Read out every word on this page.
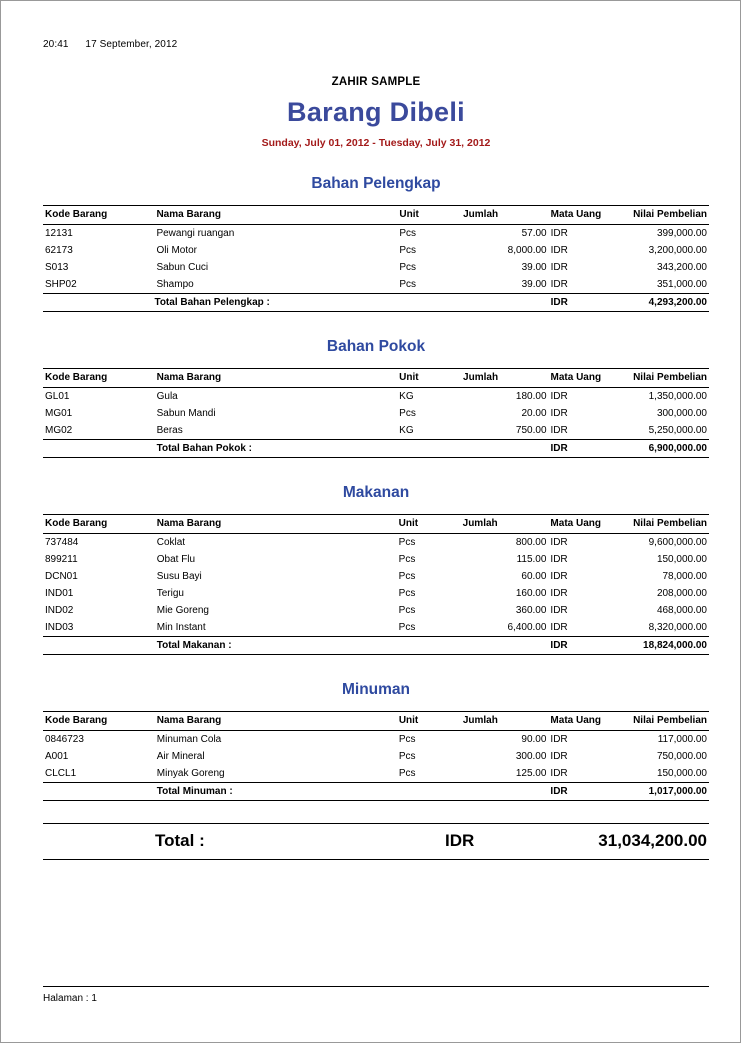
20:41 17 September, 2012
ZAHIR SAMPLE
Barang Dibeli
Sunday, July 01, 2012 - Tuesday, July 31, 2012
Bahan Pelengkap
Kode Barang	Nama Barang	Unit	Jumlah	Mata Uang	Nilai Pembelian
12131	Pewangi ruangan	Pcs	57.00	IDR	399,000.00
62173	Oli Motor	Pcs	8,000.00	IDR	3,200,000.00
S013	Sabun Cuci	Pcs	39.00	IDR	343,200.00
SHP02	Shampo	Pcs	39.00	IDR	351,000.00
	Total Bahan Pelengkap :			IDR	4,293,200.00
Bahan Pokok
Kode Barang	Nama Barang	Unit	Jumlah	Mata Uang	Nilai Pembelian
GL01	Gula	KG	180.00	IDR	1,350,000.00
MG01	Sabun Mandi	Pcs	20.00	IDR	300,000.00
MG02	Beras	KG	750.00	IDR	5,250,000.00
	Total Bahan Pokok :			IDR	6,900,000.00
Makanan
Kode Barang	Nama Barang	Unit	Jumlah	Mata Uang	Nilai Pembelian
737484	Coklat	Pcs	800.00	IDR	9,600,000.00
899211	Obat Flu	Pcs	115.00	IDR	150,000.00
DCN01	Susu Bayi	Pcs	60.00	IDR	78,000.00
IND01	Terigu	Pcs	160.00	IDR	208,000.00
IND02	Mie Goreng	Pcs	360.00	IDR	468,000.00
IND03	Min Instant	Pcs	6,400.00	IDR	8,320,000.00
	Total Makanan :			IDR	18,824,000.00
Minuman
Kode Barang	Nama Barang	Unit	Jumlah	Mata Uang	Nilai Pembelian
0846723	Minuman Cola	Pcs	90.00	IDR	117,000.00
A001	Air Mineral	Pcs	300.00	IDR	750,000.00
CLCL1	Minyak Goreng	Pcs	125.00	IDR	150,000.00
	Total Minuman :			IDR	1,017,000.00
Total :	IDR	31,034,200.00
Halaman : 1
